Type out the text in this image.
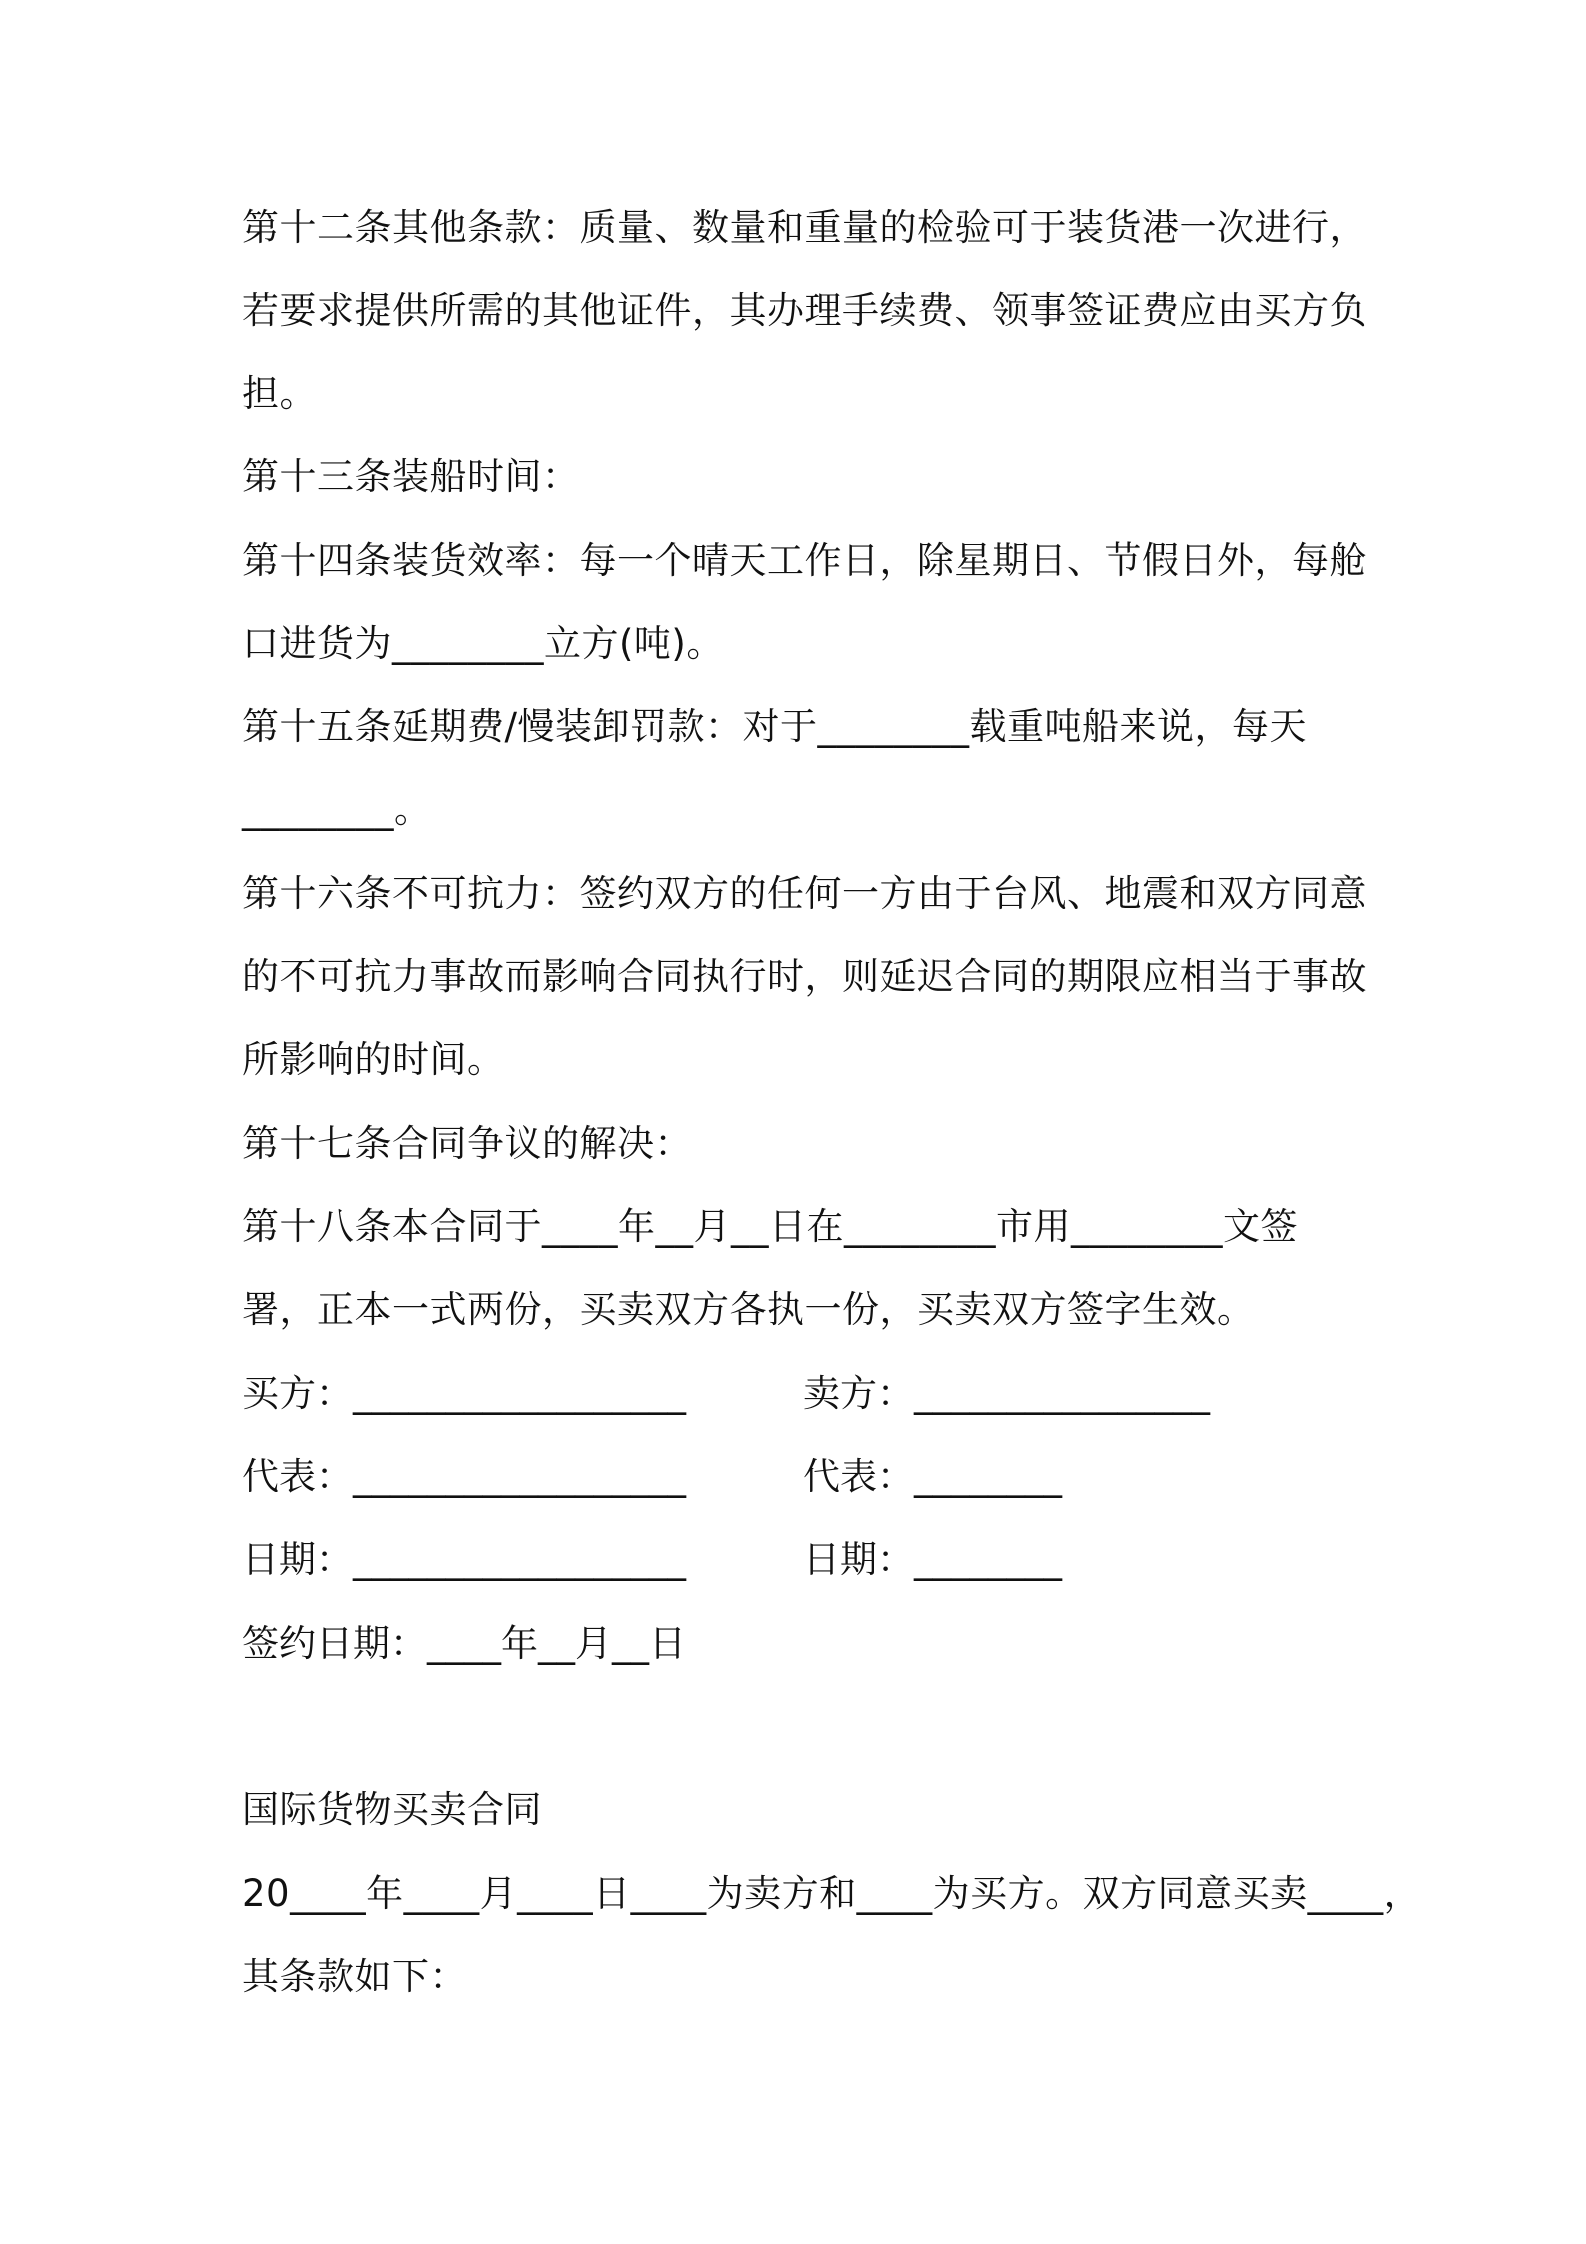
第十二条其他条款：质量、数量和重量的检验可于装货港一次进行，
若要求提供所需的其他证件，其办理手续费、领事签证费应由买方负
担。
第十三条装船时间：
第十四条装货效率：每一个晴天工作日，除星期日、节假日外，每舱
口进货为________立方(吨)。
第十五条延期费/慢装卸罚款：对于________载重吨船来说，每天
________。
第十六条不可抗力：签约双方的任何一方由于台风、地震和双方同意
的不可抗力事故而影响合同执行时，则延迟合同的期限应相当于事故
所影响的时间。
第十七条合同争议的解决：
第十八条本合同于____年__月__日在________市用________文签
署，正本一式两份，买卖双方各执一份，买卖双方签字生效。
买方：__________________	卖方：________________
代表：__________________	代表：________
日期：__________________	日期：________
签约日期：____年__月__日
国际货物买卖合同
20____年____月____日____为卖方和____为买方。双方同意买卖____，
其条款如下：
